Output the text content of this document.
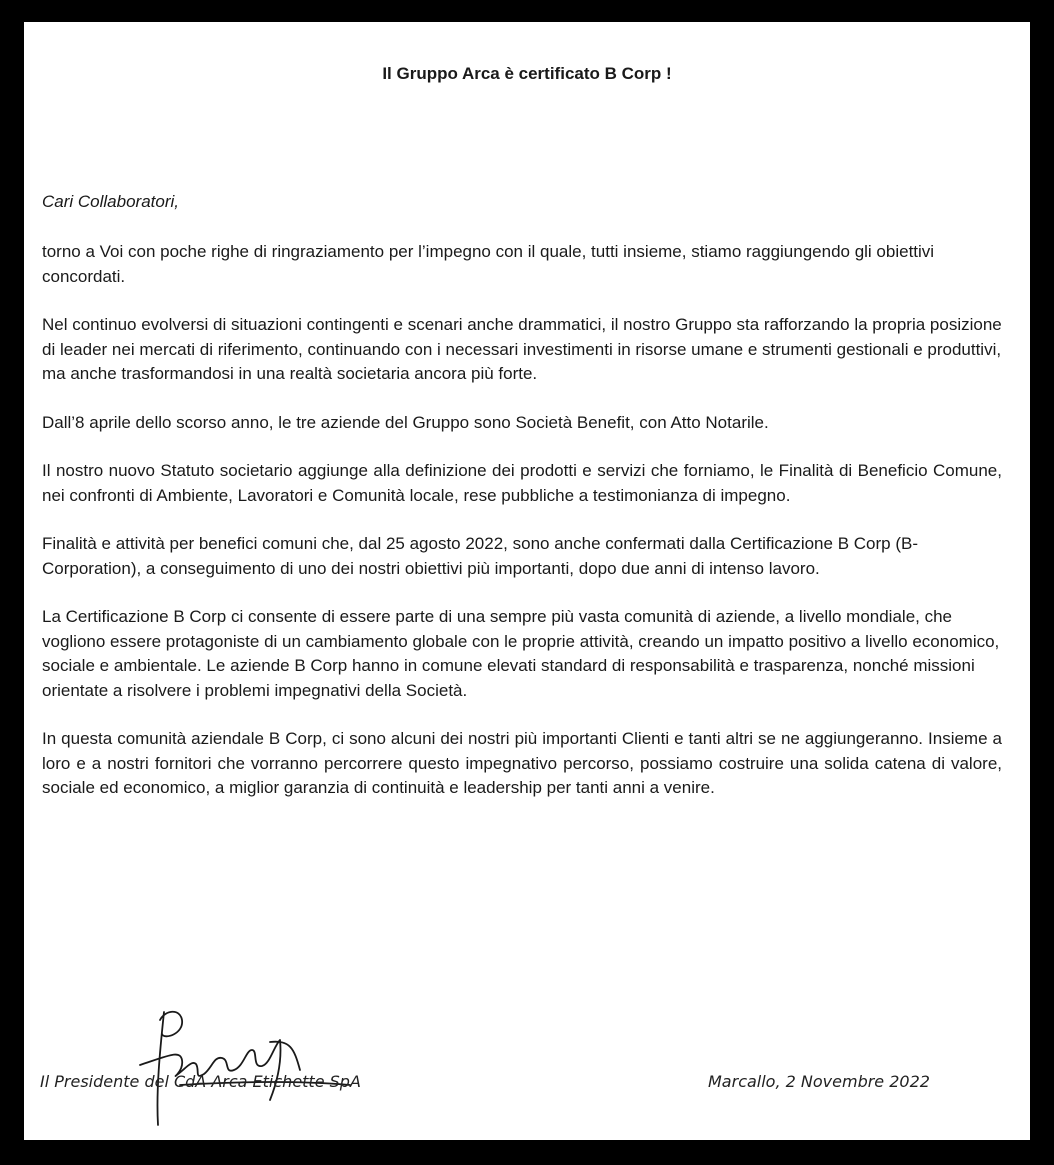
Il Gruppo Arca è certificato B Corp !
Cari Collaboratori,

torno a Voi con poche righe di ringraziamento per l’impegno con il quale, tutti insieme, stiamo raggiungendo gli obiettivi concordati.

Nel continuo evolversi di situazioni contingenti e scenari anche drammatici, il nostro Gruppo sta rafforzando la propria posizione di leader nei mercati di riferimento, continuando con i necessari investimenti in risorse umane e strumenti gestionali e produttivi, ma anche trasformandosi in una realtà societaria ancora più forte.

Dall’8 aprile dello scorso anno, le tre aziende del Gruppo sono Società Benefit, con Atto Notarile.

Il nostro nuovo Statuto societario aggiunge alla definizione dei prodotti e servizi che forniamo, le Finalità di Beneficio Comune, nei confronti di Ambiente, Lavoratori e Comunità locale, rese pubbliche a testimonianza di impegno.

Finalità e attività per benefici comuni che, dal 25 agosto 2022, sono anche confermati dalla Certificazione B Corp (B-Corporation), a conseguimento di uno dei nostri obiettivi più importanti, dopo due anni di intenso lavoro.

La Certificazione B Corp ci consente di essere parte di una sempre più vasta comunità di aziende, a livello mondiale, che vogliono essere protagoniste di un cambiamento globale con le proprie attività, creando un impatto positivo a livello economico, sociale e ambientale. Le aziende B Corp hanno in comune elevati standard di responsabilità e trasparenza, nonché missioni orientate a risolvere i problemi impegnativi della Società.

In questa comunità aziendale B Corp, ci sono alcuni dei nostri più importanti Clienti e tanti altri se ne aggiungeranno. Insieme a loro e a nostri fornitori che vorranno percorrere questo impegnativo percorso, possiamo costruire una solida catena di valore, sociale ed economico, a miglior garanzia di continuità e leadership per tanti anni a venire.

Il Presidente del CdA Arca Etichette SpA	Marcallo, 2 Novembre 2022
